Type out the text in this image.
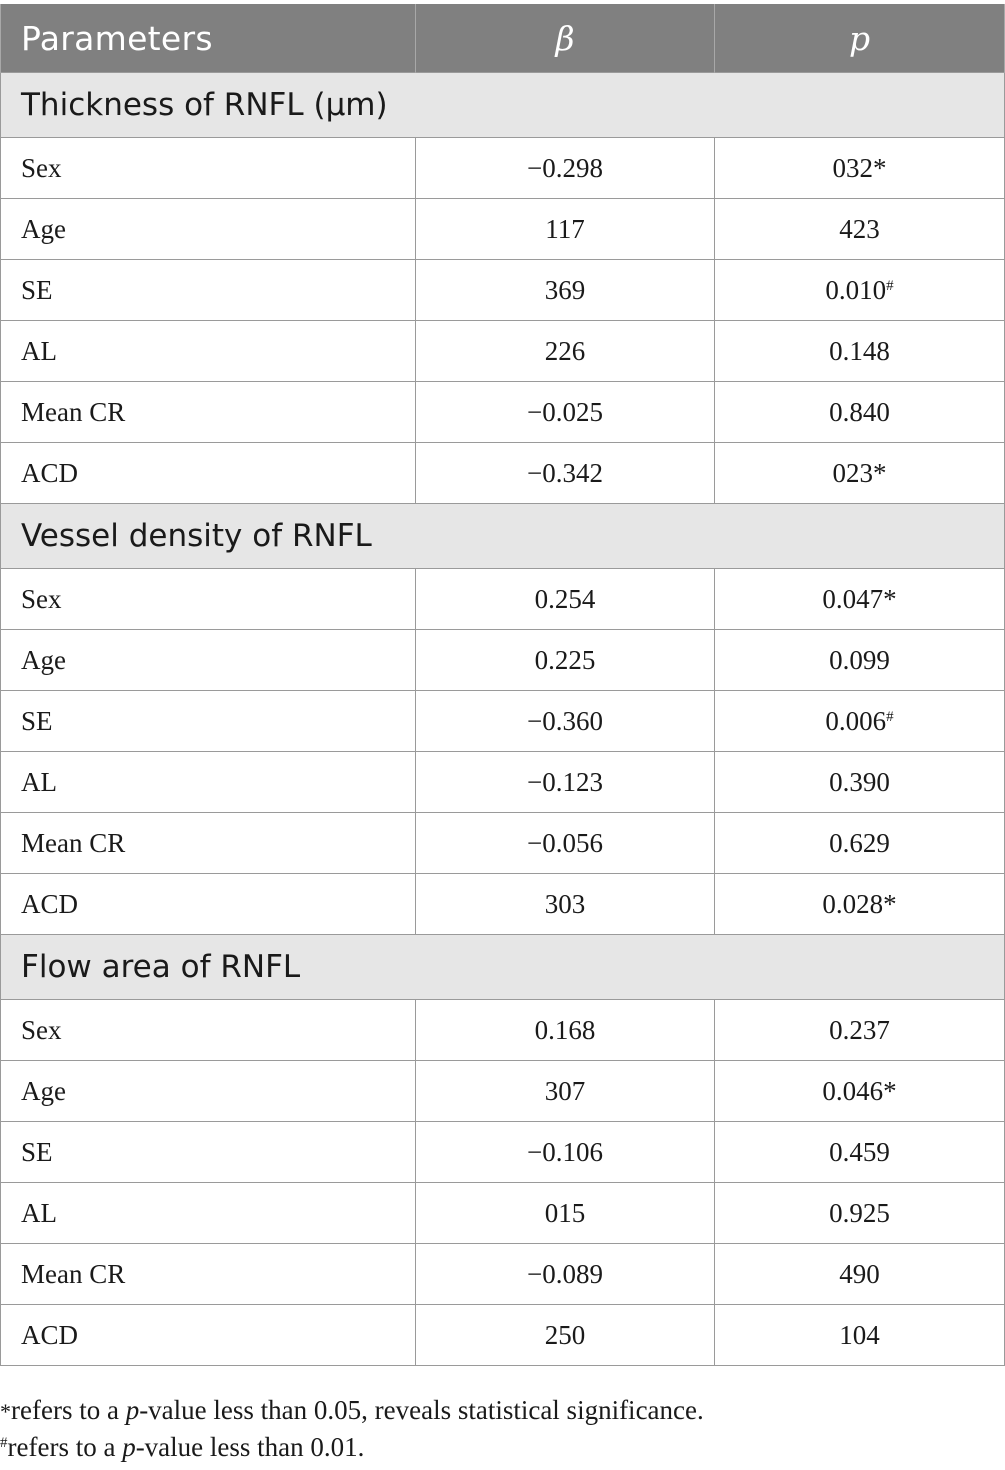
Parameters	β	p
Thickness of RNFL (μm)		
Sex	−0.298	032*
Age	117	423
SE	369	0.010#
AL	226	0.148
Mean CR	−0.025	0.840
ACD	−0.342	023*
Vessel density of RNFL		
Sex	0.254	0.047*
Age	0.225	0.099
SE	−0.360	0.006#
AL	−0.123	0.390
Mean CR	−0.056	0.629
ACD	303	0.028*
Flow area of RNFL		
Sex	0.168	0.237
Age	307	0.046*
SE	−0.106	0.459
AL	015	0.925
Mean CR	−0.089	490
ACD	250	104
*refers to a p-value less than 0.05, reveals statistical significance.
#refers to a p-value less than 0.01.
